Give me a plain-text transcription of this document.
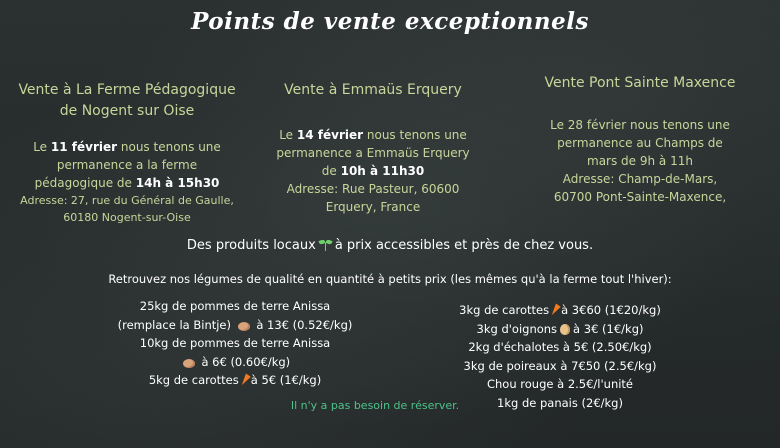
Points de vente exceptionnels
Vente à La Ferme Pédagogique
de Nogent sur Oise
Le 11 février nous tenons une
permanence a la ferme
pédagogique de 14h à 15h30
Adresse: 27, rue du Général de Gaulle,
60180 Nogent-sur-Oise
Vente à Emmaüs Erquery
Le 14 février nous tenons une
permanence a Emmaüs Erquery
de 10h à 11h30
Adresse: Rue Pasteur, 60600
Erquery, France
Vente Pont Sainte Maxence
Le 28 février nous tenons une
permanence au Champs de
mars de 9h à 11h
Adresse: Champ-de-Mars,
60700 Pont-Sainte-Maxence,
Des produits locaux à prix accessibles et près de chez vous.
Retrouvez nos légumes de qualité en quantité à petits prix (les mêmes qu'à la ferme tout l'hiver):
25kg de pommes de terre Anissa
(remplace la Bintje) à 13€ (0.52€/kg)
10kg de pommes de terre Anissa
à 6€ (0.60€/kg)
5kg de carottes à 5€ (1€/kg)
3kg de carottes à 3€60 (1€20/kg)
3kg d'oignons à 3€ (1€/kg)
2kg d'échalotes à 5€ (2.50€/kg)
3kg de poireaux à 7€50 (2.5€/kg)
Chou rouge à 2.5€/l'unité
1kg de panais (2€/kg)
Il n'y a pas besoin de réserver.
